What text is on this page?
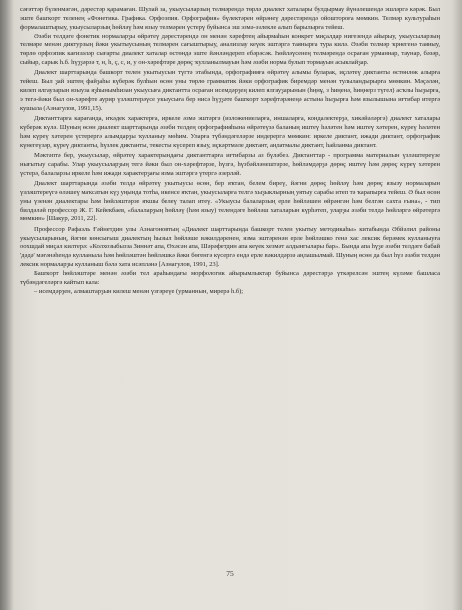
сәғәттәр бүленмәгән, дәрестәр қарамаған. Шулай за, укыусыларзың телмәрендә төрлә диалект хаталары булдырмау йүнәлешендә эшләргә кәрәк. Был эште башҡорт теленең «Фонетика. Графика. Орфоэпия. Орфография» бүлектәрен өйрәнеү дәрестәрендә ойоштороға мөмкин. Телмәр культураһын формалаштырыу, укыусыларзың һөйләү һәм языу телмәрен үстерү буйынса эш эзмә-эзлекле алып барылырға тейеш.

Әзәби телдәге фонетик нормаларҙы өйрәтеү дәрестәрендә он менән хәрефтең айырмаһын конкрет миҫалдар нигезендә айырыу, укыусыларзың телмәре менән диктурзың йәки укытыусының телмәрен сағыштырыу, анализлау кеүек эштәргә таянырға тура килә. Әзәби телмәр ҡрнегенә таяныу, төрлө орфоэпик кағизәләр сығарты диалект хаталар өстөндә эште йәнләндереп ебәрәсәк. Һөйләүсенең телмәрендә осраған урманнар, таунар, бәзәр, сыйыр, сарык h.б. һүҙҙәрзә т, н, h, ç, с, и, у он-хәрефтәре дөрөҫ ҡулланылмауын һәм әзәби норма булып тормауын асыклайҙар.

Диалект шарттарында башкорт телен укытыусын түгтә этабында, орфографияға өйрәтеү алымы буларак, иҫләтеү диктанты өстөнлөк алырға тейеш. Был ҙай эштең файҙаһы күберәк булһын өсөн уны төрлө грамматик йәки орфографик биремдәр менән тулыландырырға мөмкин. Мәҫәлән, килеп ялгаузарын языуза яҙһынымһизан укыусыға диктантта осраған исемдәрҙең килеп ялгауҙарынын (һңнұ, з һиңенә, һиңнерз түгел) асҡлы һыҙырға, э тегә-йәки был он-хәрефте аурир үзләштерәүсе укыусыға бер нисә һүҙҙәте башҡорт хәрефтәрәнеңә астына һыҙырға һәм язылышына иғтибар итергә кушыла (Азнагулов, 1991,15).

Диктанттарға карағанда, иҡәдек характерға, иркеле әзмә эштәргә (изложениеларға, иншаларға, кондалектерҙә, хикәйәләргә) диалект хаталары күберәк күлә. Шуның өсөн диалект шарттарында әзәби телдең орфографияһына өйрәтеүзә баланың иштеү һәләтен һәм иштеү хәтерен, күреү һәләтен һәм күреү хәтерен үстерергә алымдарҙы ҡулланыу мөһим. Уларға түбәндәгеләрзе индерергә мөмкин: иркеле диктант, ижади диктант, орфографик күнегеүзәр, күреү диктанты, һүзлек диктанты, текесты күсереп языу, иҫкәртмәле диктант, аңлатмалы диктант, һайланма диктант.

Мәктәптә бер, укыусылар, өйрәтеү характерындағы диктанттарға иғтибарзы аз бүләбез. Диктанттар - программа материалын үзләштереүзе нығытыу сарабы. Улар укыусыларҙың тегә йәки был он-хәрефтәрзе, һүзгә, һүзбәйләнештәрзе, һөйләмдәрҙә дөрөҫ иштеү һәм дөрөҫ күреү хәтерен үстерә, балаларзы иркеле һәм ижади характерҙағы язма эштәргә үтергә әзерләй.

Диалект шарттарында әзәби телдә өйрәтеү укытыусы өсөн, бер яҡтан, белем биреү, йәгни дөрөҫ һөйләү һәм дөрөҫ язызу нормаларын үзләштереүгә өләшеү маҡсатын күҙ уңында тотһа, икенсе яҡтан, укыусыларға телгә хыҙыклырның уятыу сарабы итеп тә ҡарапырға тейеш. Ә был өсөн уны үзенән диалектары һәм һөйләштәрзе яҡшы белеү талап итеү. «Укыусы балаларзың ерле һөйләшен өйрәнгән һәм белгән сахта ғына», - тип билдәләй профессор Ж. Г. Кейекбаев, «балаларҙың һөйләү (һәм языу) телендәге һөйләш хаталарын күрһәтеп, уларҙы әзәби телдә һөйләргә өйрәтергә мөмкин» [Шакур, 2011, 22].

Профессор Рафаэль Ғәйнетдин улы Азнагоновтың «Диалект шарттарында башкорт телен укытыу методикаһы» китабында Әбйәлил районы укыусыларының, йәгни көнсығыш диалектың һызыл һөйләше вәкилдәренен, язма эштәренән ерле һөйләшко генә хас лексик берәмек кулланыуға оохшдай миҫал килтерә: «Колхозыбызза Зиннәт апа, Өхәсән апа, Шәрәфетдин апа кеүек хезмәт алдынгылары бар». Бында апа һүҙе әзәби телдәге бабай 'дәдә' мәғәнәһендә кулланыла һәм һөйләштән һөйләшкә йәки бөгенгә күсергә ендә ерле вәкилдәрзә аңлашылмай. Шуның өсөн да был һүз әзәби телдән лексик нормаларҙы кулланыш бәлә хата исәпләнә [Азнагулов, 1991, 23].

Башҡорт һөйләштәре менән әзәби тел араһындағы морфологик айырымлыктар буйынса дәрестәрҙә үткәрелсән эштең күләме башласа түбәндәгеләргә кайтып кала:

– исемдәрҙен, алмаштарҙын килеш менән үзгәреүе (урманнын, мирерә h.б);

75
